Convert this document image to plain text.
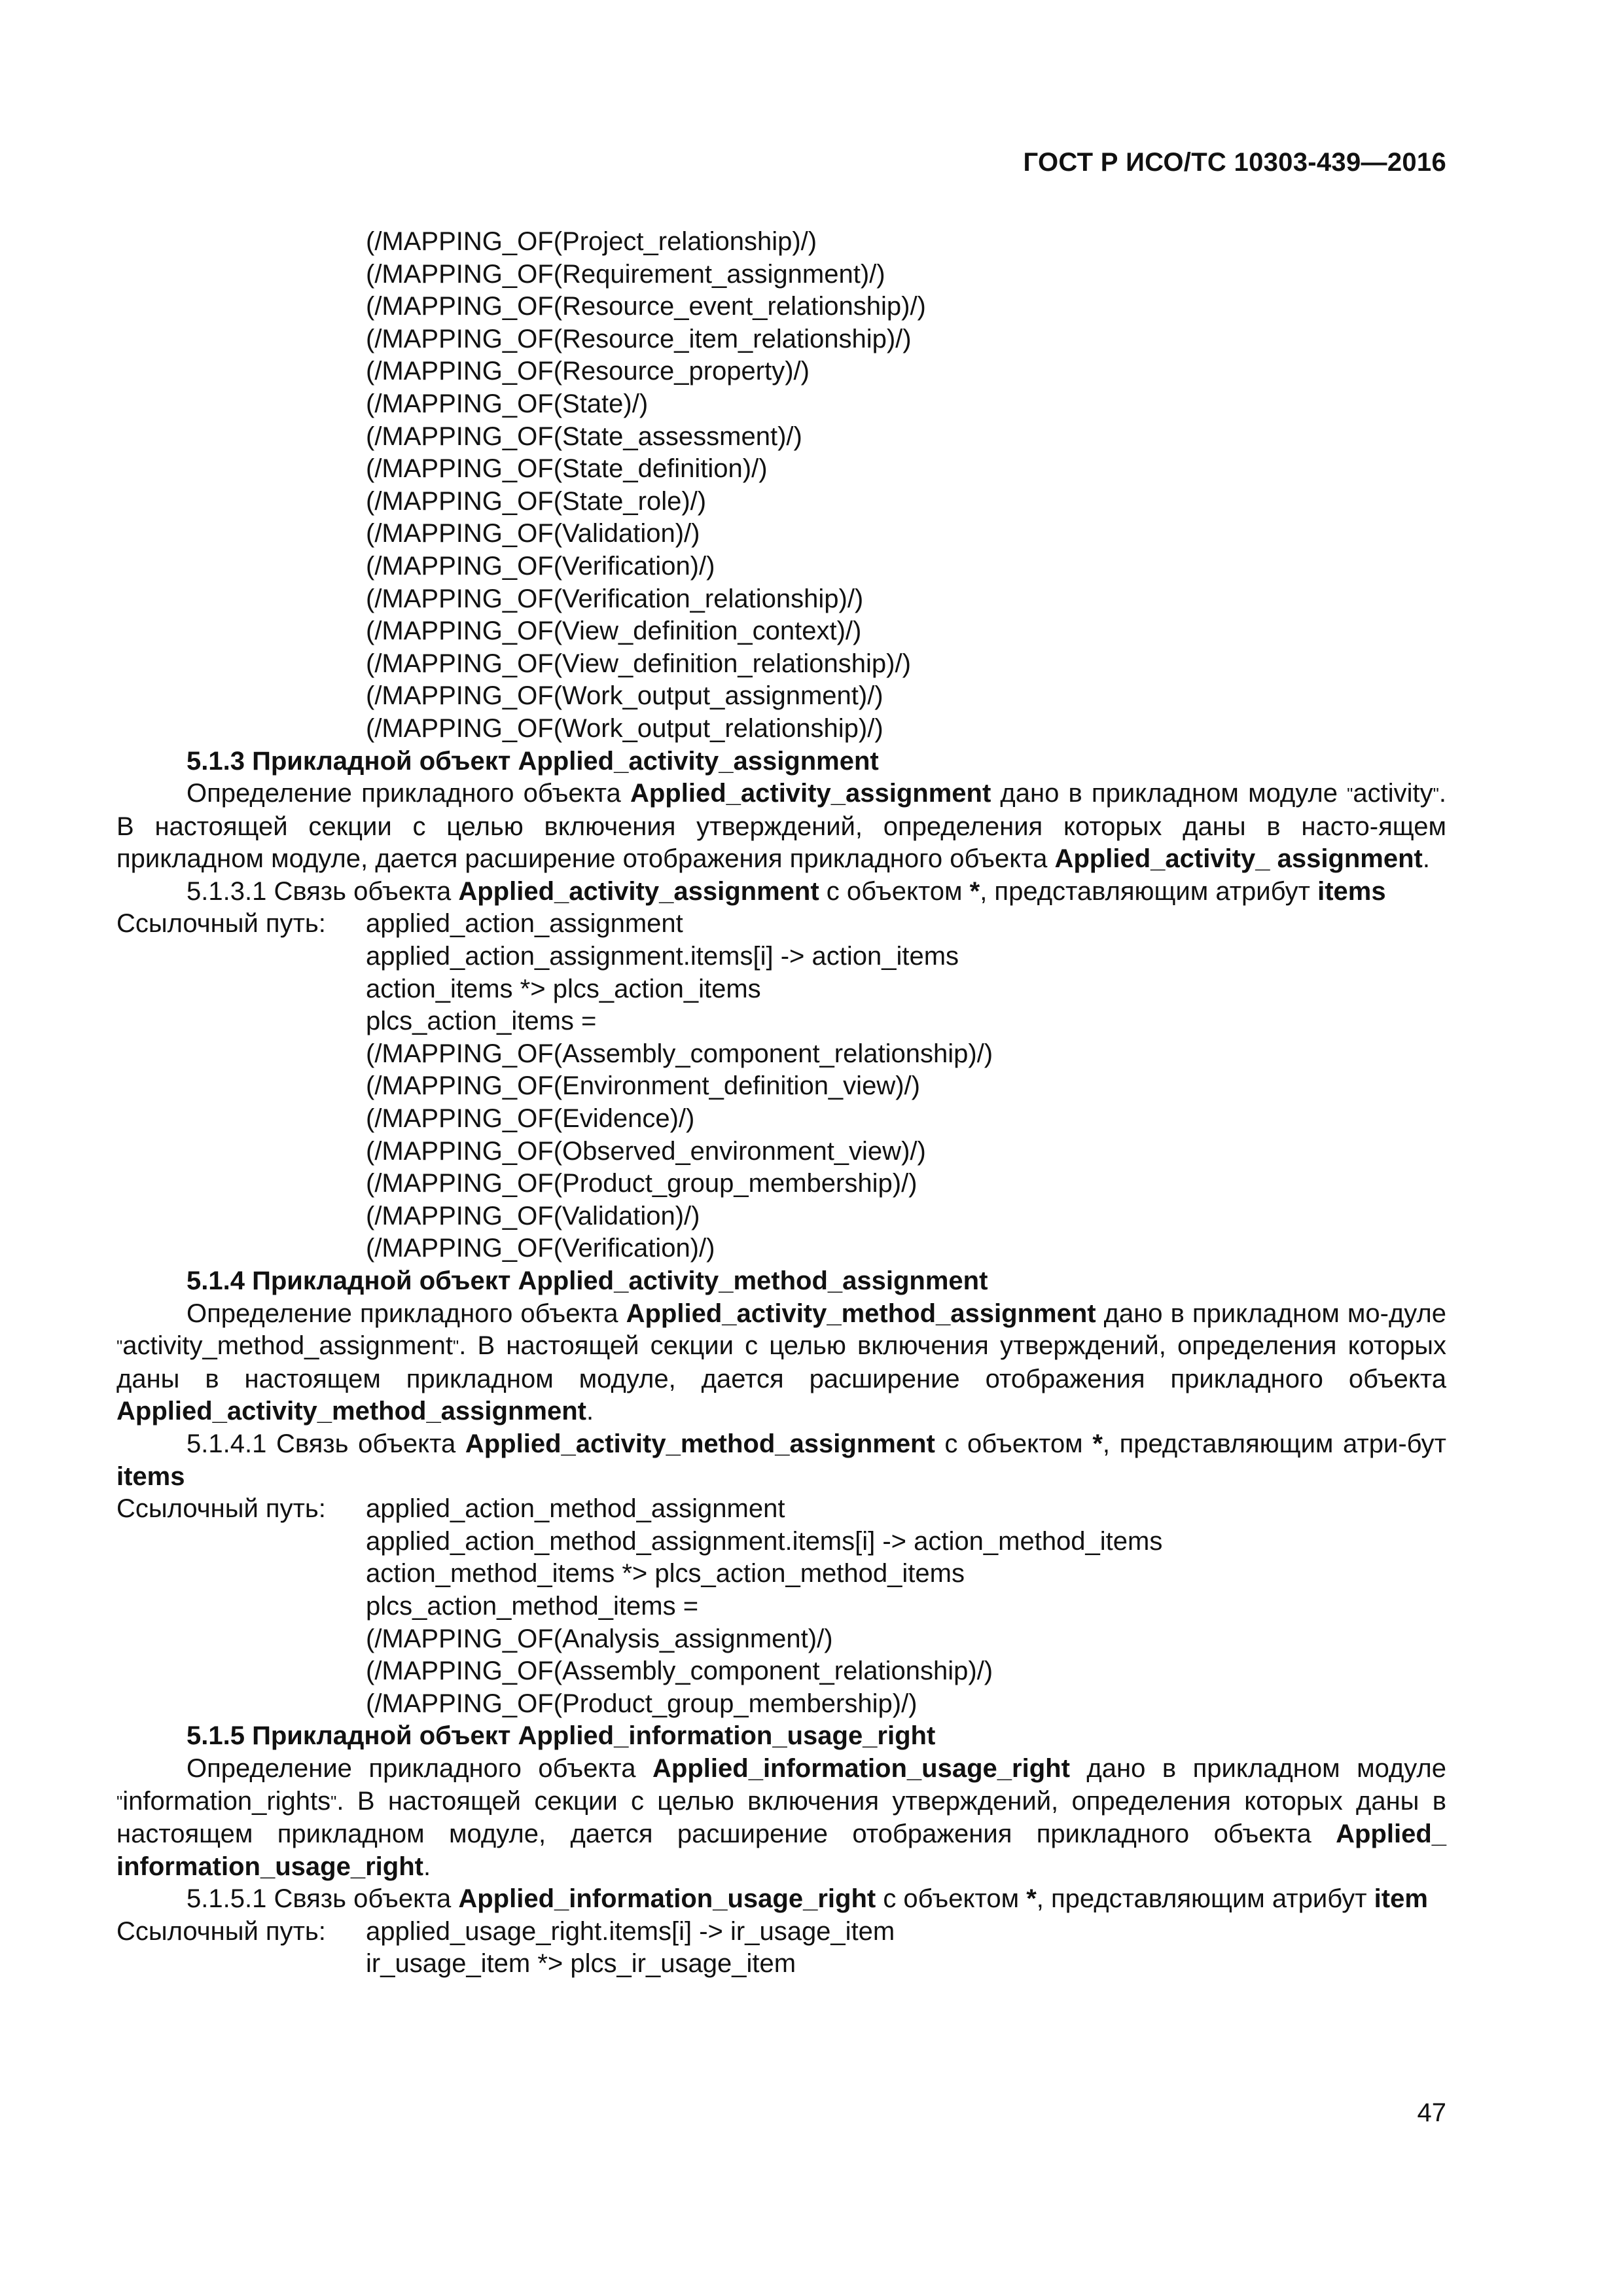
ГОСТ Р ИСО/ТС 10303-439—2016
(/MAPPING_OF(Project_relationship)/)
(/MAPPING_OF(Requirement_assignment)/)
(/MAPPING_OF(Resource_event_relationship)/)
(/MAPPING_OF(Resource_item_relationship)/)
(/MAPPING_OF(Resource_property)/)
(/MAPPING_OF(State)/)
(/MAPPING_OF(State_assessment)/)
(/MAPPING_OF(State_definition)/)
(/MAPPING_OF(State_role)/)
(/MAPPING_OF(Validation)/)
(/MAPPING_OF(Verification)/)
(/MAPPING_OF(Verification_relationship)/)
(/MAPPING_OF(View_definition_context)/)
(/MAPPING_OF(View_definition_relationship)/)
(/MAPPING_OF(Work_output_assignment)/)
(/MAPPING_OF(Work_output_relationship)/)
5.1.3 Прикладной объект Applied_activity_assignment
Определение прикладного объекта Applied_activity_assignment дано в прикладном модуле "activity". В настоящей секции с целью включения утверждений, определения которых даны в насто-ящем прикладном модуле, дается расширение отображения прикладного объекта Applied_activity_ assignment.
5.1.3.1 Связь объекта Applied_activity_assignment с объектом *, представляющим атрибут items
Ссылочный путь:	applied_action_assignment
applied_action_assignment.items[i] -> action_items
action_items *> plcs_action_items
plcs_action_items =
(/MAPPING_OF(Assembly_component_relationship)/)
(/MAPPING_OF(Environment_definition_view)/)
(/MAPPING_OF(Evidence)/)
(/MAPPING_OF(Observed_environment_view)/)
(/MAPPING_OF(Product_group_membership)/)
(/MAPPING_OF(Validation)/)
(/MAPPING_OF(Verification)/)
5.1.4 Прикладной объект Applied_activity_method_assignment
Определение прикладного объекта Applied_activity_method_assignment дано в прикладном мо-дуле "activity_method_assignment". В настоящей секции с целью включения утверждений, определения которых даны в настоящем прикладном модуле, дается расширение отображения прикладного объекта Applied_activity_method_assignment.
5.1.4.1 Связь объекта Applied_activity_method_assignment с объектом *, представляющим атри-бут items
Ссылочный путь:	applied_action_method_assignment
applied_action_method_assignment.items[i] -> action_method_items
action_method_items *> plcs_action_method_items
plcs_action_method_items =
(/MAPPING_OF(Analysis_assignment)/)
(/MAPPING_OF(Assembly_component_relationship)/)
(/MAPPING_OF(Product_group_membership)/)
5.1.5 Прикладной объект Applied_information_usage_right
Определение прикладного объекта Applied_information_usage_right дано в прикладном модуле "information_rights". В настоящей секции с целью включения утверждений, определения которых даны в настоящем прикладном модуле, дается расширение отображения прикладного объекта Applied_ information_usage_right.
5.1.5.1 Связь объекта Applied_information_usage_right с объектом *, представляющим атрибут item
Ссылочный путь:	applied_usage_right.items[i] -> ir_usage_item
ir_usage_item *> plcs_ir_usage_item
47
